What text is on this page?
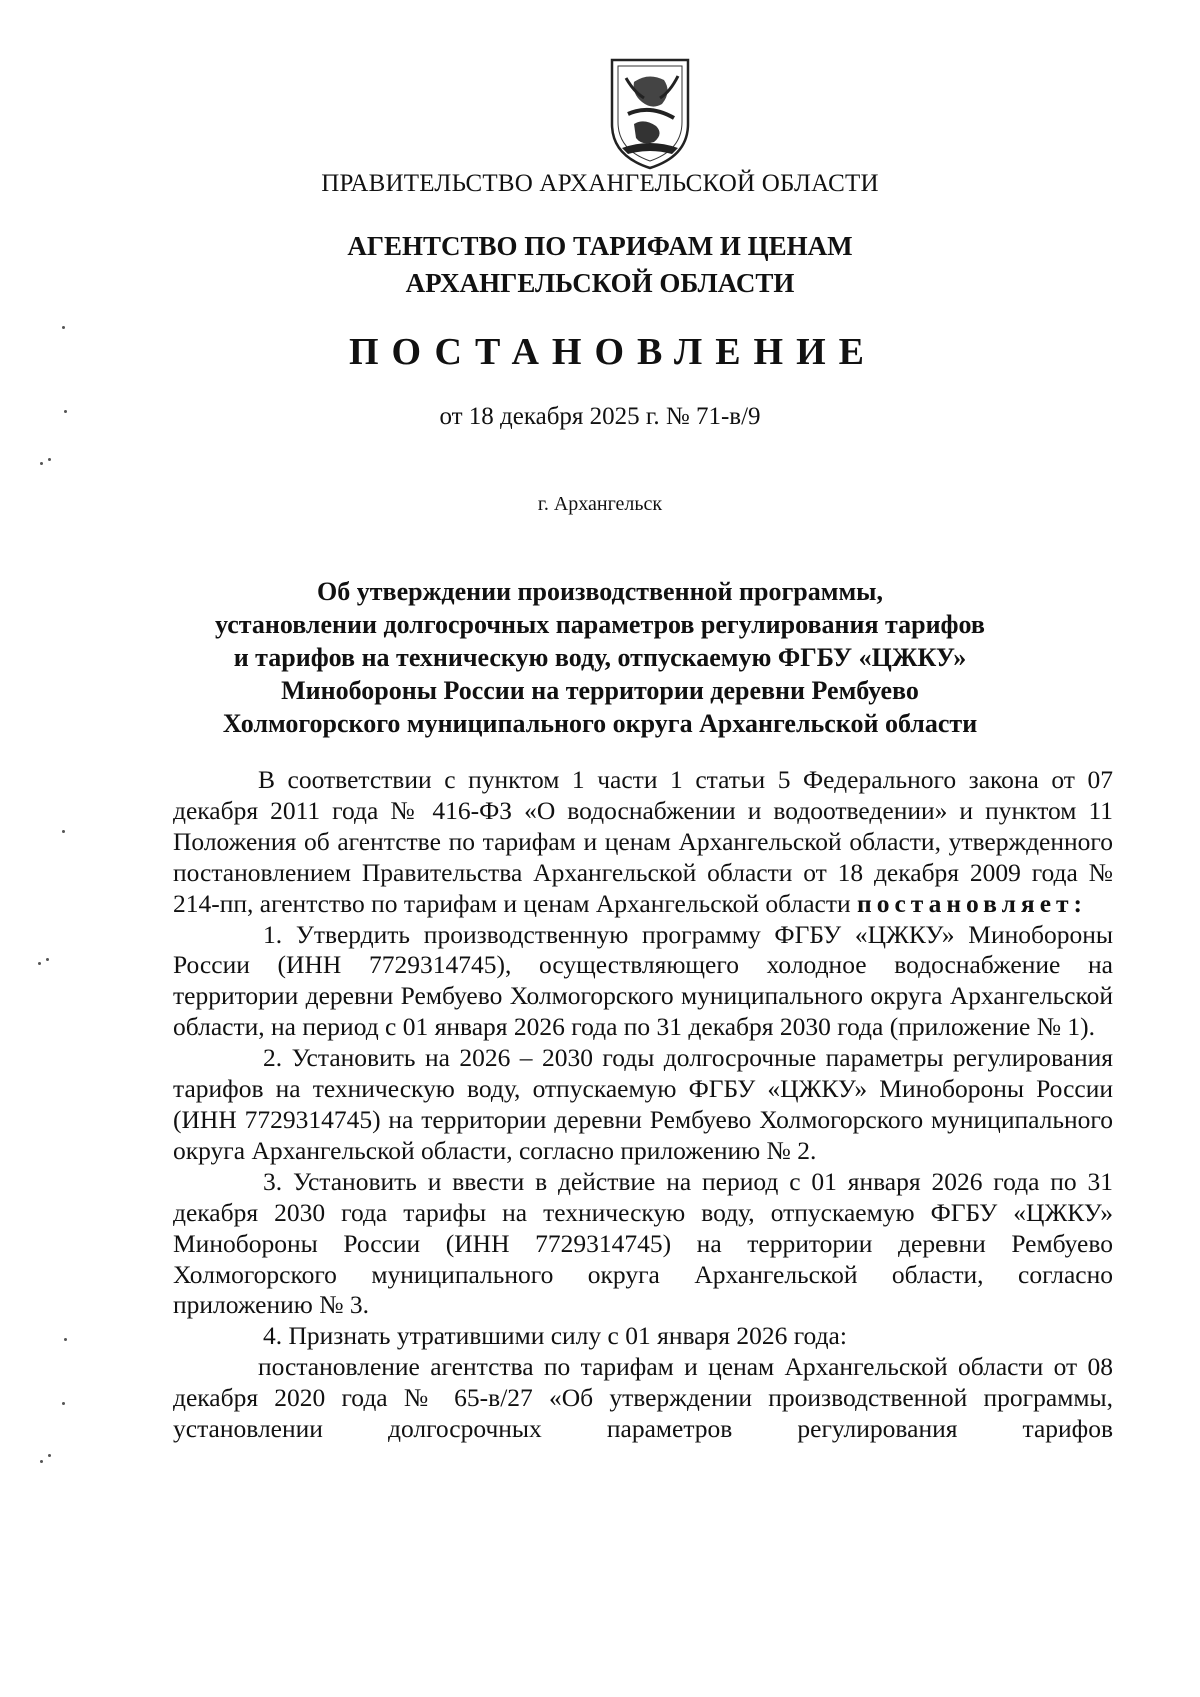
ПРАВИТЕЛЬСТВО АРХАНГЕЛЬСКОЙ ОБЛАСТИ
АГЕНТСТВО ПО ТАРИФАМ И ЦЕНАМ
АРХАНГЕЛЬСКОЙ ОБЛАСТИ
ПОСТАНОВЛЕНИЕ
от 18 декабря 2025 г. № 71-в/9
г. Архангельск
Об утверждении производственной программы,
установлении долгосрочных параметров регулирования тарифов
и тарифов на техническую воду, отпускаемую ФГБУ «ЦЖКУ»
Минобороны России на территории деревни Рембуево
Холмогорского муниципального округа Архангельской области

В соответствии с пунктом 1 части 1 статьи 5 Федерального закона от 07 декабря 2011 года № 416-ФЗ «О водоснабжении и водоотведении» и пунктом 11 Положения об агентстве по тарифам и ценам Архангельской области, утвержденного постановлением Правительства Архангельской области от 18 декабря 2009 года № 214-пп, агентство по тарифам и ценам Архангельской области постановляет:

1. Утвердить производственную программу ФГБУ «ЦЖКУ» Минобороны России (ИНН 7729314745), осуществляющего холодное водоснабжение на территории деревни Рембуево Холмогорского муниципального округа Архангельской области, на период с 01 января 2026 года по 31 декабря 2030 года (приложение № 1).

2. Установить на 2026 – 2030 годы долгосрочные параметры регулирования тарифов на техническую воду, отпускаемую ФГБУ «ЦЖКУ» Минобороны России (ИНН 7729314745) на территории деревни Рембуево Холмогорского муниципального округа Архангельской области, согласно приложению № 2.

3. Установить и ввести в действие на период с 01 января 2026 года по 31 декабря 2030 года тарифы на техническую воду, отпускаемую ФГБУ «ЦЖКУ» Минобороны России (ИНН 7729314745) на территории деревни Рембуево Холмогорского муниципального округа Архангельской области, согласно приложению № 3.

4. Признать утратившими силу с 01 января 2026 года:

постановление агентства по тарифам и ценам Архангельской области от 08 декабря 2020 года № 65-в/27 «Об утверждении производственной программы, установлении долгосрочных параметров регулирования тарифов
